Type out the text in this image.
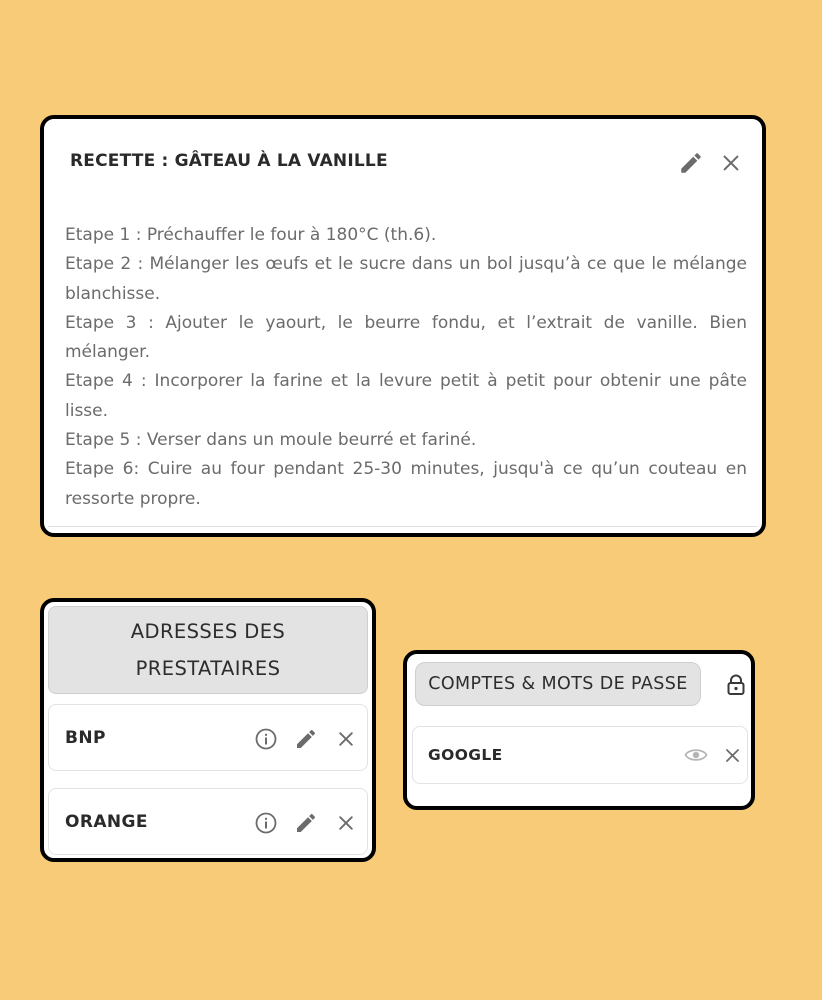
RECETTE : GÂTEAU À LA VANILLE

Etape 1 : Préchauffer le four à 180°C (th.6).

Etape 2 : Mélanger les œufs et le sucre dans un bol jusqu’à ce que le mélange blanchisse.

Etape 3 : Ajouter le yaourt, le beurre fondu, et l’extrait de vanille. Bien mélanger.

Etape 4 : Incorporer la farine et la levure petit à petit pour obtenir une pâte lisse.

Etape 5 : Verser dans un moule beurré et fariné.

Etape 6: Cuire au four pendant 25-30 minutes, jusqu'à ce qu’un couteau en ressorte propre.

ADRESSES DES
PRESTATAIRES
BNP
ORANGE
COMPTES & MOTS DE PASSE
GOOGLE
